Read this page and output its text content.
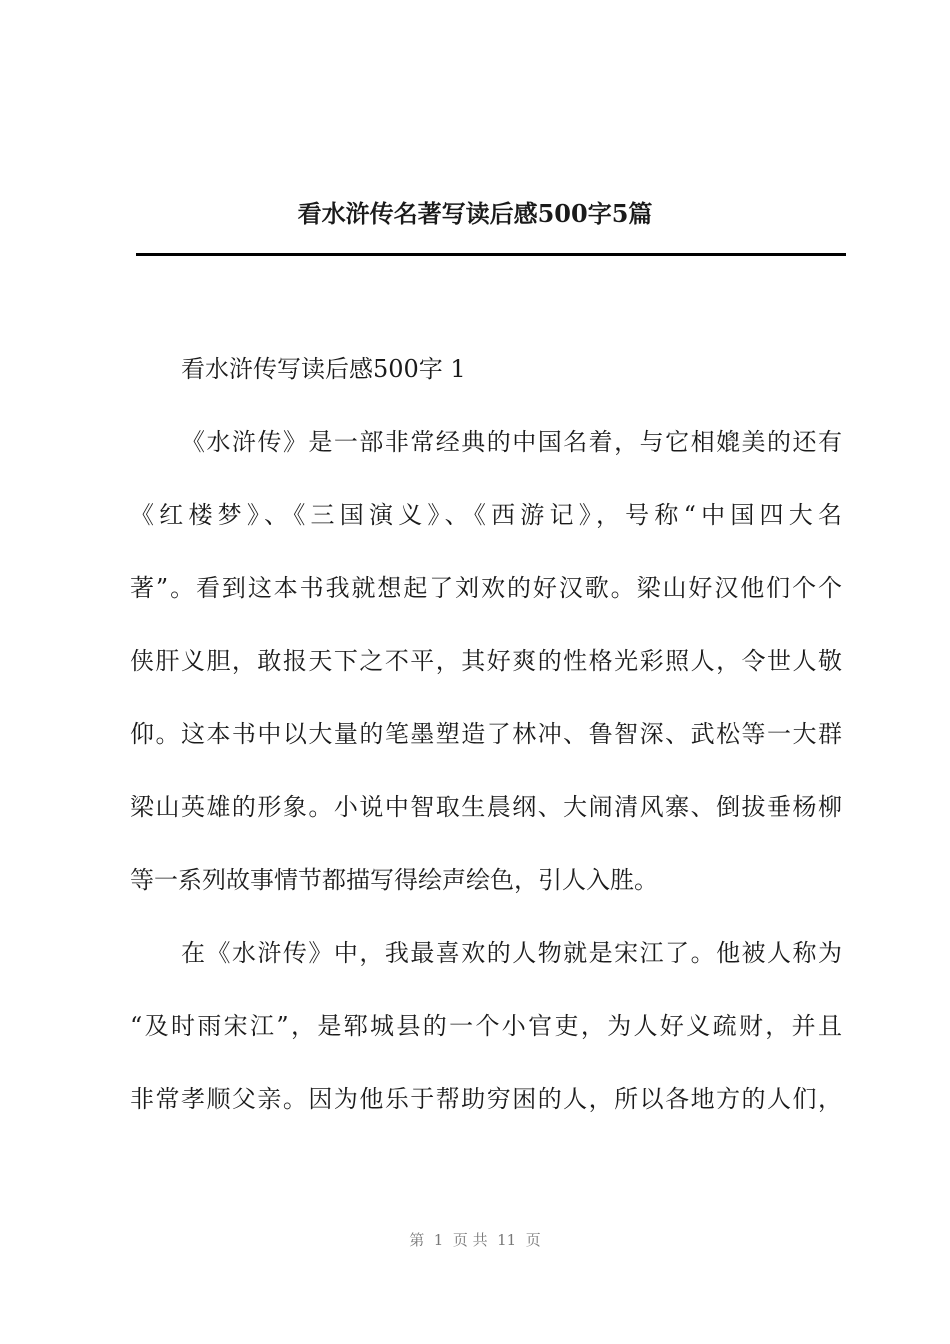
看水浒传名著写读后感500字5篇
看水浒传写读后感500字 1
《水浒传》是一部非常经典的中国名着，与它相媲美的还有
《红楼梦》、《三国演义》、《西游记》，号称“中国四大名
著”。看到这本书我就想起了刘欢的好汉歌。梁山好汉他们个个
侠肝义胆，敢报天下之不平，其好爽的性格光彩照人，令世人敬
仰。这本书中以大量的笔墨塑造了林冲、鲁智深、武松等一大群
梁山英雄的形象。小说中智取生晨纲、大闹清风寨、倒拔垂杨柳
等一系列故事情节都描写得绘声绘色，引人入胜。
在《水浒传》中，我最喜欢的人物就是宋江了。他被人称为
“及时雨宋江”，是郓城县的一个小官吏，为人好义疏财，并且
非常孝顺父亲。因为他乐于帮助穷困的人，所以各地方的人们，
第  1  页 共  11  页
